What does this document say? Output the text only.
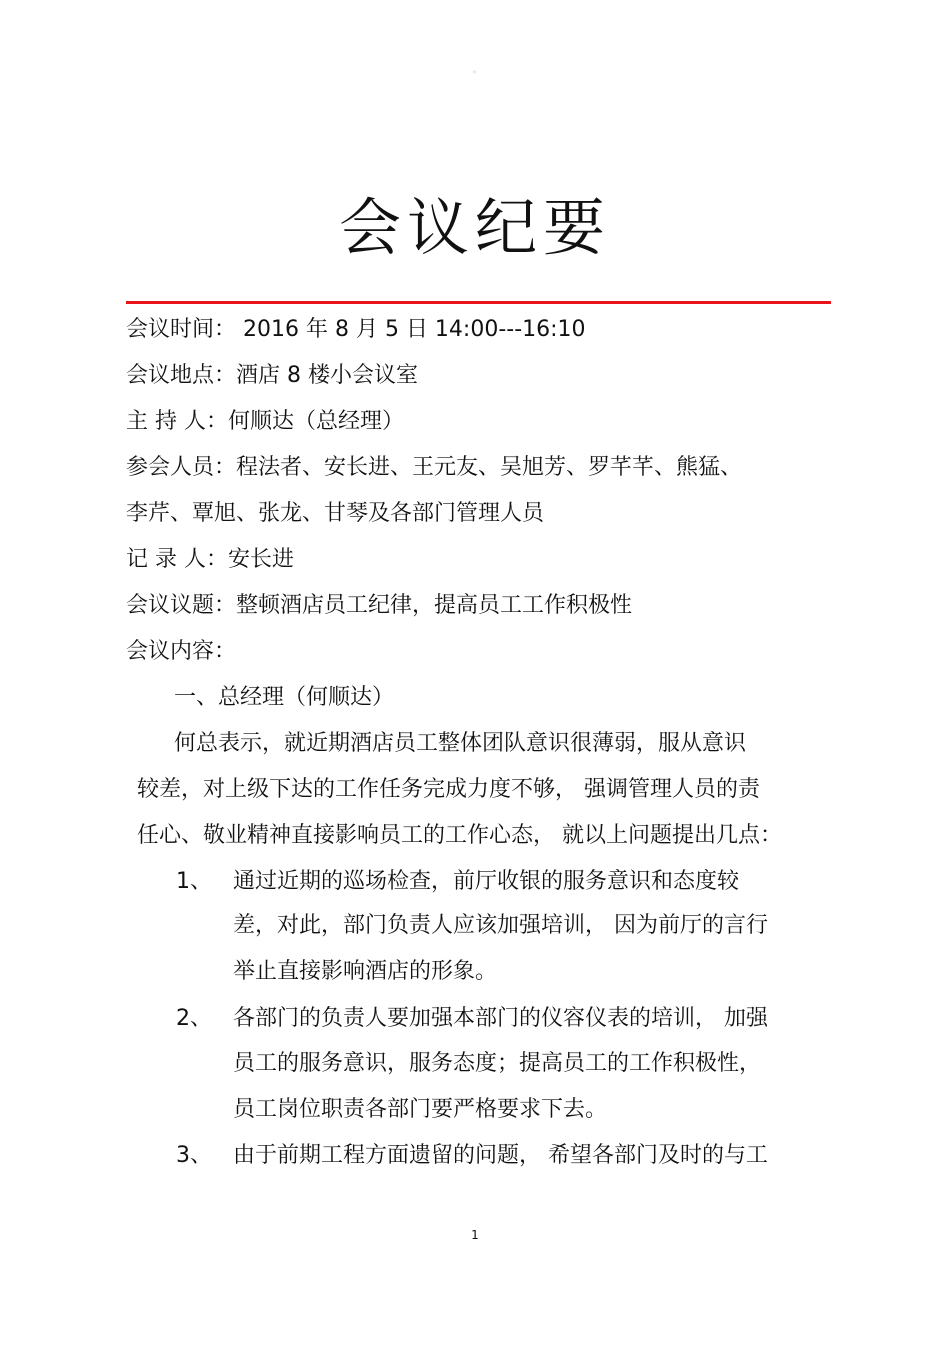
◦
会议纪要
会议时间： 2016 年 8 月 5 日 14:00---16:10
会议地点：酒店 8 楼小会议室
主 持 人：何顺达（总经理）
参会人员：程法者、安长进、王元友、吴旭芳、罗芊芊、熊猛、
李芹、覃旭、张龙、甘琴及各部门管理人员
记 录 人：安长进
会议议题：整顿酒店员工纪律，提高员工工作积极性
会议内容：
一、总经理（何顺达）
何总表示，就近期酒店员工整体团队意识很薄弱，服从意识
较差，对上级下达的工作任务完成力度不够， 强调管理人员的责
任心、敬业精神直接影响员工的工作心态， 就以上问题提出几点：
1、 通过近期的巡场检查，前厅收银的服务意识和态度较
差，对此，部门负责人应该加强培训， 因为前厅的言行
举止直接影响酒店的形象。
2、 各部门的负责人要加强本部门的仪容仪表的培训， 加强
员工的服务意识，服务态度；提高员工的工作积极性，
员工岗位职责各部门要严格要求下去。
3、 由于前期工程方面遗留的问题， 希望各部门及时的与工
1
